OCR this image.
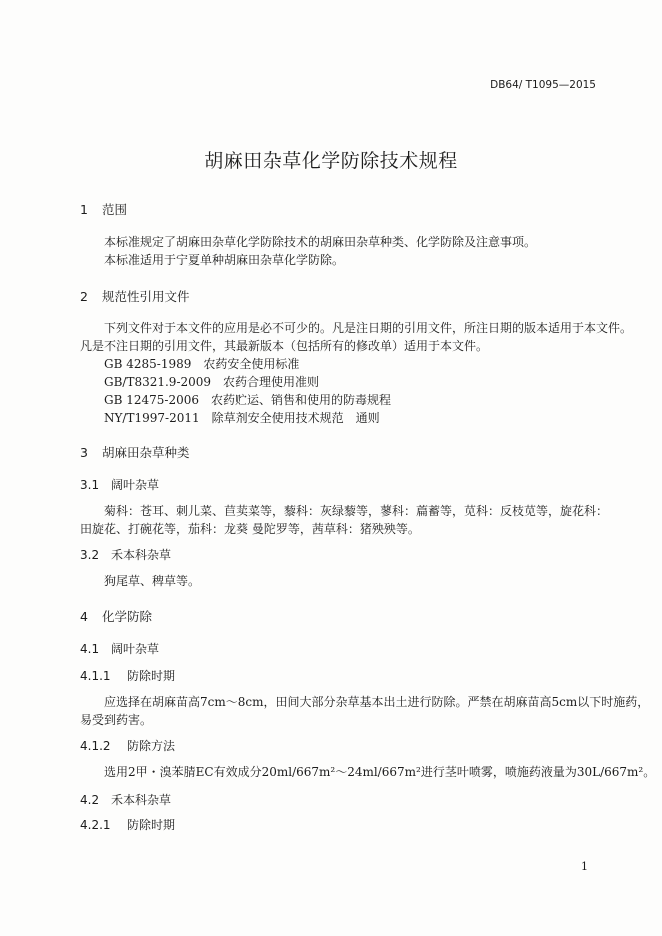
DB64/ T1095—2015
胡麻田杂草化学防除技术规程
1 范围
本标准规定了胡麻田杂草化学防除技术的胡麻田杂草种类、化学防除及注意事项。
本标准适用于宁夏单种胡麻田杂草化学防除。
2 规范性引用文件
下列文件对于本文件的应用是必不可少的。凡是注日期的引用文件，所注日期的版本适用于本文件。
凡是不注日期的引用文件，其最新版本（包括所有的修改单）适用于本文件。
GB 4285-1989　农药安全使用标准
GB/T8321.9-2009　农药合理使用准则
GB 12475-2006　农药贮运、销售和使用的防毒规程
NY/T1997-2011　除草剂安全使用技术规范　通则
3 胡麻田杂草种类
3.1 阔叶杂草
菊科：苍耳、刺儿菜、苣荬菜等，藜科：灰绿藜等，蓼科：萹蓄等，苋科：反枝苋等，旋花科：
田旋花、打碗花等，茄科：龙葵 曼陀罗等，茜草科：猪殃殃等。
3.2 禾本科杂草
狗尾草、稗草等。
4 化学防除
4.1 阔叶杂草
4.1.1 防除时期
应选择在胡麻苗高7cm～8cm，田间大部分杂草基本出土进行防除。严禁在胡麻苗高5cm以下时施药，
易受到药害。
4.1.2 防除方法
选用2甲・溴苯腈EC有效成分20ml/667m²～24ml/667m²进行茎叶喷雾，喷施药液量为30L/667m²。
4.2 禾本科杂草
4.2.1 防除时期
1
